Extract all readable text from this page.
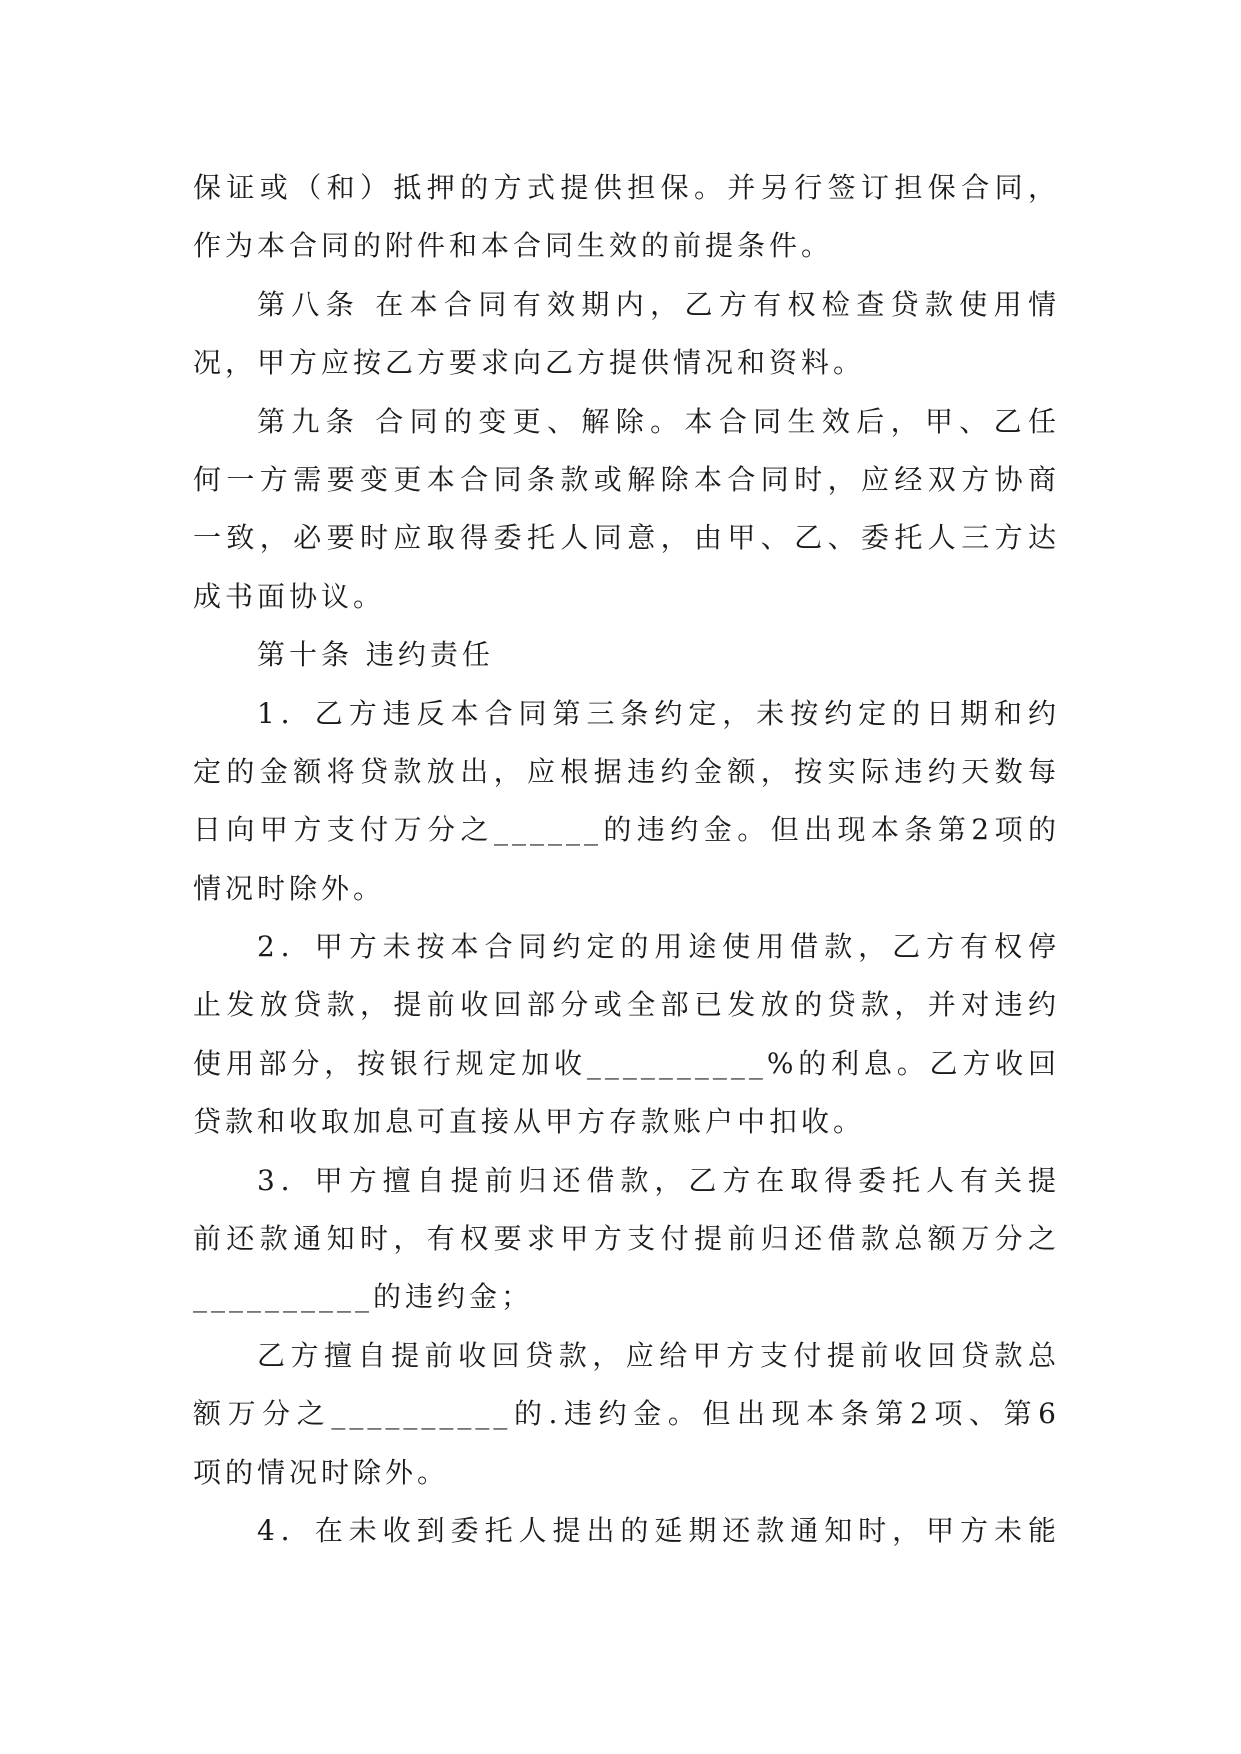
保证或（和）抵押的方式提供担保。并另行签订担保合同，
作为本合同的附件和本合同生效的前提条件。
第八条 在本合同有效期内，乙方有权检查贷款使用情
况，甲方应按乙方要求向乙方提供情况和资料。
第九条 合同的变更、解除。本合同生效后，甲、乙任
何一方需要变更本合同条款或解除本合同时，应经双方协商
一致，必要时应取得委托人同意，由甲、乙、委托人三方达
成书面协议。
第十条 违约责任
1．乙方违反本合同第三条约定，未按约定的日期和约
定的金额将贷款放出，应根据违约金额，按实际违约天数每
日向甲方支付万分之______的违约金。但出现本条第2项的
情况时除外。
2．甲方未按本合同约定的用途使用借款，乙方有权停
止发放贷款，提前收回部分或全部已发放的贷款，并对违约
使用部分，按银行规定加收__________%的利息。乙方收回
贷款和收取加息可直接从甲方存款账户中扣收。
3．甲方擅自提前归还借款，乙方在取得委托人有关提
前还款通知时，有权要求甲方支付提前归还借款总额万分之
__________的违约金；
乙方擅自提前收回贷款，应给甲方支付提前收回贷款总
额万分之__________的.违约金。但出现本条第2项、第6
项的情况时除外。
4．在未收到委托人提出的延期还款通知时，甲方未能
